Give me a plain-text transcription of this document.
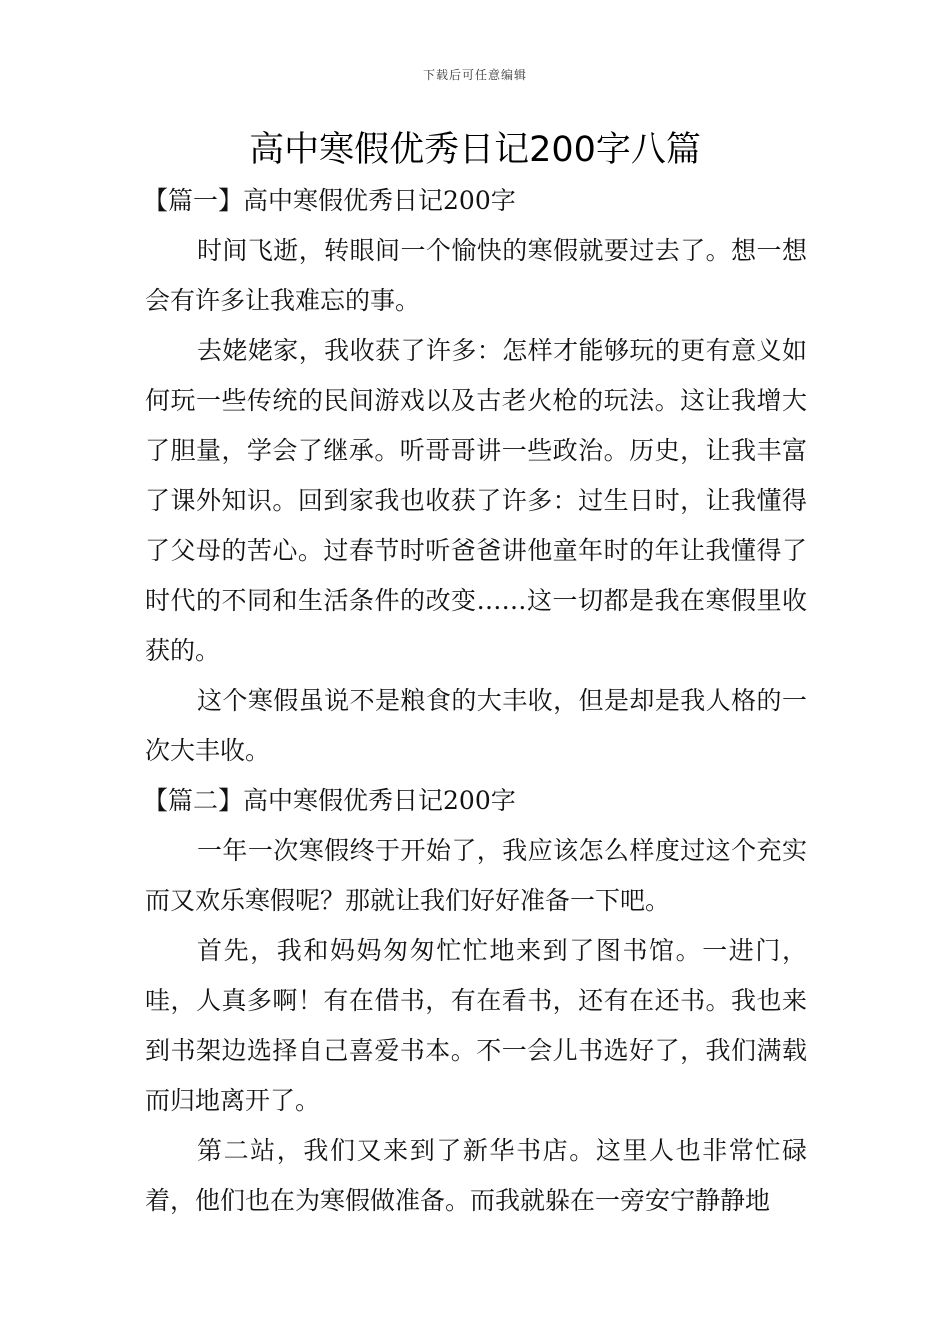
下载后可任意编辑
高中寒假优秀日记200字八篇
【篇一】高中寒假优秀日记200字

时间飞逝，转眼间一个愉快的寒假就要过去了。想一想会有许多让我难忘的事。

去姥姥家，我收获了许多：怎样才能够玩的更有意义如何玩一些传统的民间游戏以及古老火枪的玩法。这让我增大了胆量，学会了继承。听哥哥讲一些政治。历史，让我丰富了课外知识。回到家我也收获了许多：过生日时，让我懂得了父母的苦心。过春节时听爸爸讲他童年时的年让我懂得了时代的不同和生活条件的改变……这一切都是我在寒假里收获的。

这个寒假虽说不是粮食的大丰收，但是却是我人格的一次大丰收。

【篇二】高中寒假优秀日记200字

一年一次寒假终于开始了，我应该怎么样度过这个充实而又欢乐寒假呢？那就让我们好好准备一下吧。

首先，我和妈妈匆匆忙忙地来到了图书馆。一进门，哇，人真多啊！有在借书，有在看书，还有在还书。我也来到书架边选择自己喜爱书本。不一会儿书选好了，我们满载而归地离开了。

第二站，我们又来到了新华书店。这里人也非常忙碌着，他们也在为寒假做准备。而我就躲在一旁安宁静静地
